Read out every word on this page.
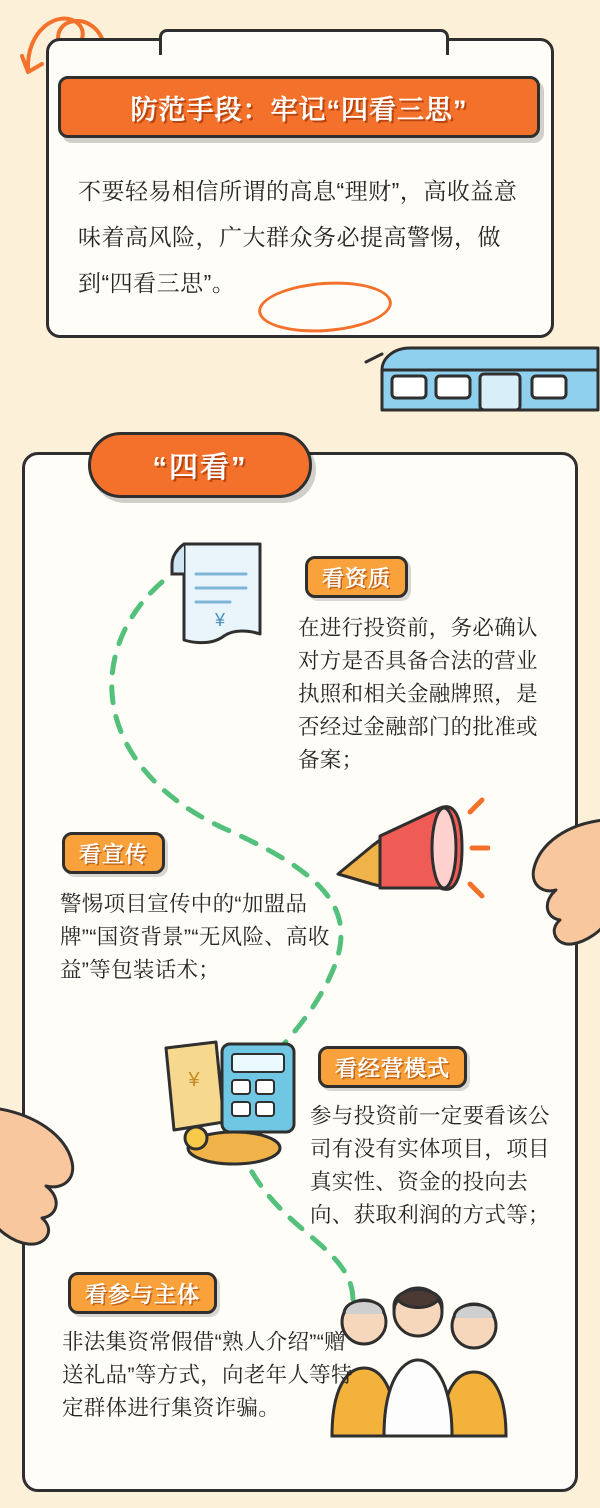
防范手段：牢记“四看三思”
不要轻易相信所谓的高息“理财”，高收益意味着高风险，广大群众务必提高警惕，做到“四看三思”。
“四看”
¥
¥
看资质
在进行投资前，务必确认对方是否具备合法的营业执照和相关金融牌照，是否经过金融部门的批准或备案；
看宣传
警惕项目宣传中的“加盟品牌”“国资背景”“无风险、高收益”等包装话术；
看经营模式
参与投资前一定要看该公司有没有实体项目，项目真实性、资金的投向去向、获取利润的方式等；
看参与主体
非法集资常假借“熟人介绍”“赠送礼品”等方式，向老年人等特定群体进行集资诈骗。
